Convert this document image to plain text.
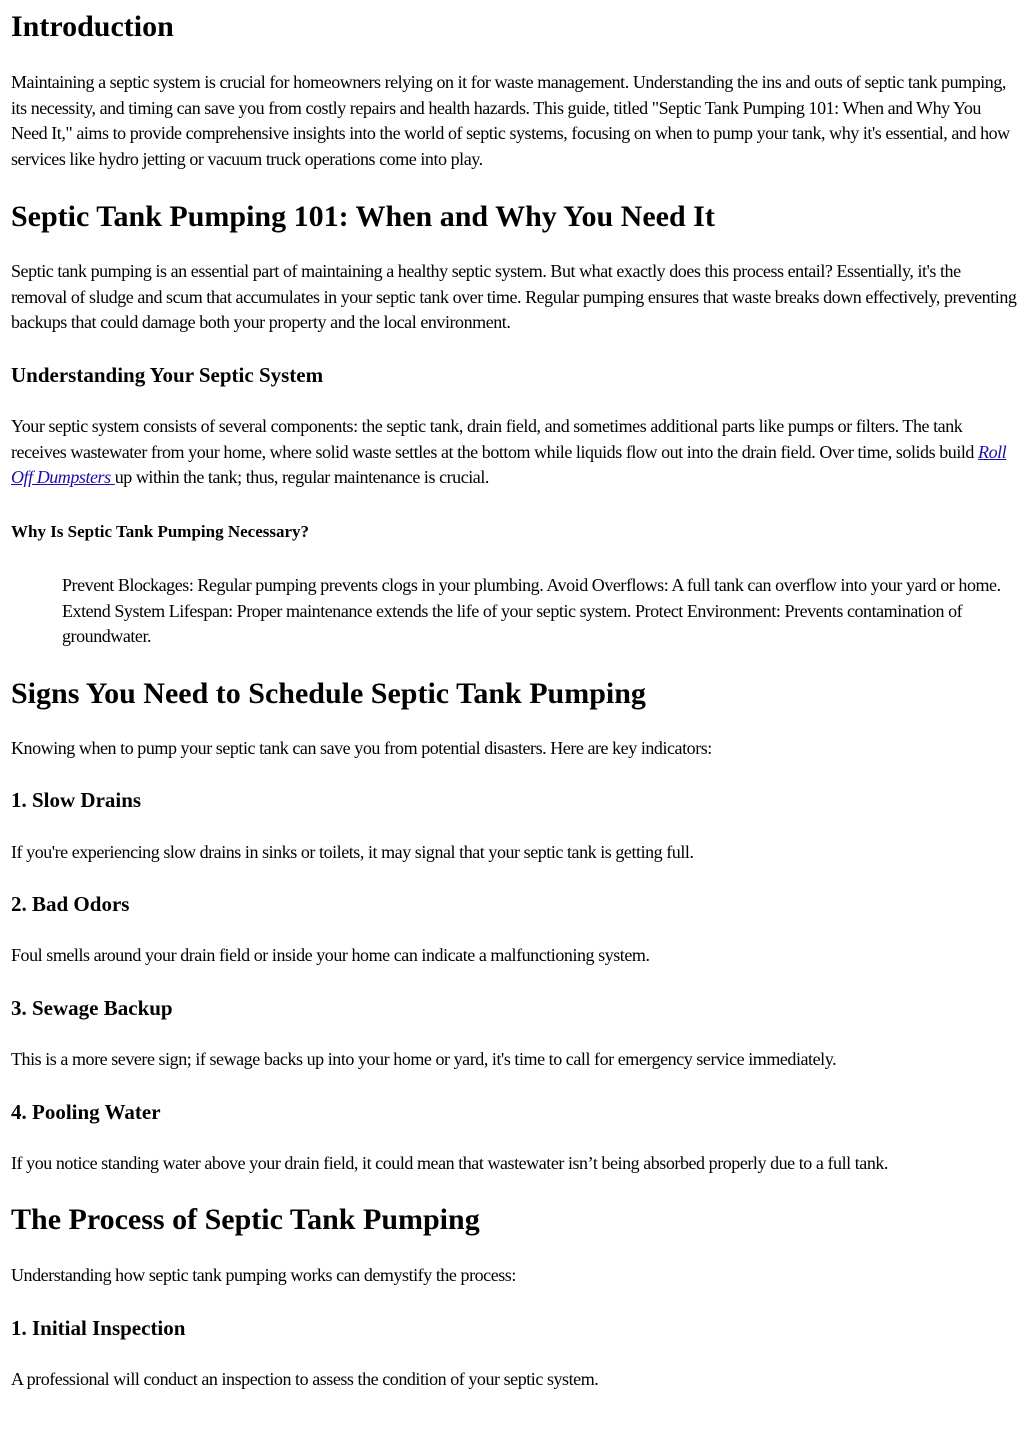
Introduction

Maintaining a septic system is crucial for homeowners relying on it for waste management. Understanding the ins and outs of septic tank pumping, its necessity, and timing can save you from costly repairs and health hazards. This guide, titled "Septic Tank Pumping 101: When and Why You Need It," aims to provide comprehensive insights into the world of septic systems, focusing on when to pump your tank, why it's essential, and how services like hydro jetting or vacuum truck operations come into play.

Septic Tank Pumping 101: When and Why You Need It

Septic tank pumping is an essential part of maintaining a healthy septic system. But what exactly does this process entail? Essentially, it's the removal of sludge and scum that accumulates in your septic tank over time. Regular pumping ensures that waste breaks down effectively, preventing backups that could damage both your property and the local environment.

Understanding Your Septic System

Your septic system consists of several components: the septic tank, drain field, and sometimes additional parts like pumps or filters. The tank receives wastewater from your home, where solid waste settles at the bottom while liquids flow out into the drain field. Over time, solids build Roll Off Dumpsters up within the tank; thus, regular maintenance is crucial.

Why Is Septic Tank Pumping Necessary?
Prevent Blockages: Regular pumping prevents clogs in your plumbing. Avoid Overflows: A full tank can overflow into your yard or home. Extend System Lifespan: Proper maintenance extends the life of your septic system. Protect Environment: Prevents contamination of groundwater.
Signs You Need to Schedule Septic Tank Pumping

Knowing when to pump your septic tank can save you from potential disasters. Here are key indicators:

1. Slow Drains

If you're experiencing slow drains in sinks or toilets, it may signal that your septic tank is getting full.

2. Bad Odors

Foul smells around your drain field or inside your home can indicate a malfunctioning system.

3. Sewage Backup

This is a more severe sign; if sewage backs up into your home or yard, it's time to call for emergency service immediately.

4. Pooling Water

If you notice standing water above your drain field, it could mean that wastewater isn’t being absorbed properly due to a full tank.

The Process of Septic Tank Pumping

Understanding how septic tank pumping works can demystify the process:

1. Initial Inspection

A professional will conduct an inspection to assess the condition of your septic system.
